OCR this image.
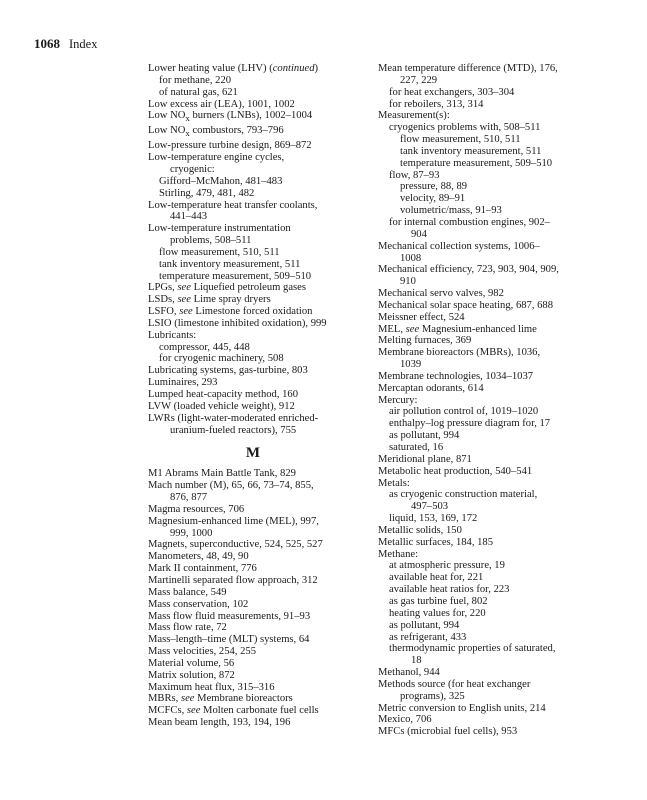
1068 Index
Lower heating value (LHV) (continued)
for methane, 220
of natural gas, 621
Low excess air (LEA), 1001, 1002
Low $NO_x$ burners (LNBs), 1002–1004
Low $NO_x$ combustors, 793–796
Low-pressure turbine design, 869–872
Low-temperature engine cycles,
cryogenic:
Gifford–McMahon, 481–483
Stirling, 479, 481, 482
Low-temperature heat transfer coolants,
441–443
Low-temperature instrumentation
problems, 508–511
flow measurement, 510, 511
tank inventory measurement, 511
temperature measurement, 509–510
LPGs, see Liquefied petroleum gases
LSDs, see Lime spray dryers
LSFO, see Limestone forced oxidation
LSIO (limestone inhibited oxidation), 999
Lubricants:
compressor, 445, 448
for cryogenic machinery, 508
Lubricating systems, gas-turbine, 803
Luminaires, 293
Lumped heat-capacity method, 160
LVW (loaded vehicle weight), 912
LWRs (light-water-moderated enriched-
uranium-fueled reactors), 755
M
M1 Abrams Main Battle Tank, 829
Mach number (M), 65, 66, 73–74, 855,
876, 877
Magma resources, 706
Magnesium-enhanced lime (MEL), 997,
999, 1000
Magnets, superconductive, 524, 525, 527
Manometers, 48, 49, 90
Mark II containment, 776
Martinelli separated flow approach, 312
Mass balance, 549
Mass conservation, 102
Mass flow fluid measurements, 91–93
Mass flow rate, 72
Mass–length–time (MLT) systems, 64
Mass velocities, 254, 255
Material volume, 56
Matrix solution, 872
Maximum heat flux, 315–316
MBRs, see Membrane bioreactors
MCFCs, see Molten carbonate fuel cells
Mean beam length, 193, 194, 196
Mean temperature difference (MTD), 176,
227, 229
for heat exchangers, 303–304
for reboilers, 313, 314
Measurement(s):
cryogenics problems with, 508–511
flow measurement, 510, 511
tank inventory measurement, 511
temperature measurement, 509–510
flow, 87–93
pressure, 88, 89
velocity, 89–91
volumetric/mass, 91–93
for internal combustion engines, 902–
904
Mechanical collection systems, 1006–
1008
Mechanical efficiency, 723, 903, 904, 909,
910
Mechanical servo valves, 982
Mechanical solar space heating, 687, 688
Meissner effect, 524
MEL, see Magnesium-enhanced lime
Melting furnaces, 369
Membrane bioreactors (MBRs), 1036,
1039
Membrane technologies, 1034–1037
Mercaptan odorants, 614
Mercury:
air pollution control of, 1019–1020
enthalpy–log pressure diagram for, 17
as pollutant, 994
saturated, 16
Meridional plane, 871
Metabolic heat production, 540–541
Metals:
as cryogenic construction material,
497–503
liquid, 153, 169, 172
Metallic solids, 150
Metallic surfaces, 184, 185
Methane:
at atmospheric pressure, 19
available heat for, 221
available heat ratios for, 223
as gas turbine fuel, 802
heating values for, 220
as pollutant, 994
as refrigerant, 433
thermodynamic properties of saturated,
18
Methanol, 944
Methods source (for heat exchanger
programs), 325
Metric conversion to English units, 214
Mexico, 706
MFCs (microbial fuel cells), 953
